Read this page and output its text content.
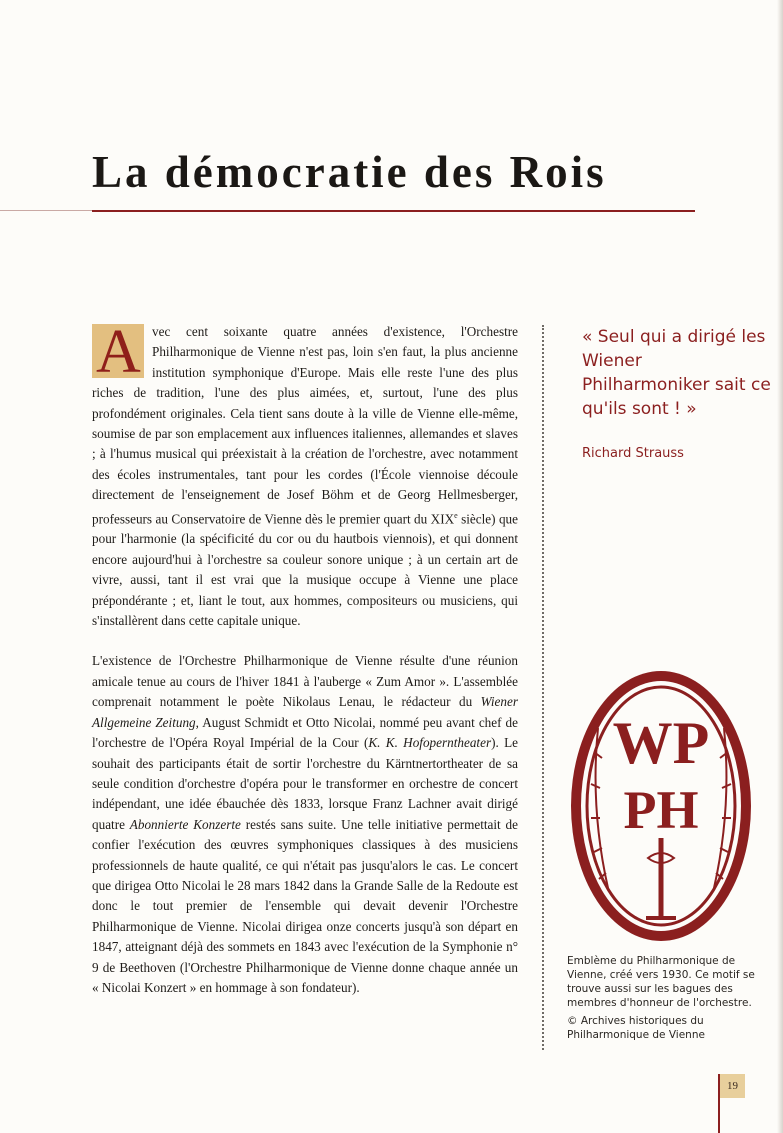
La démocratie des Rois

A vec cent soixante quatre années d'existence, l'Orchestre Philharmonique de Vienne n'est pas, loin s'en faut, la plus ancienne institution symphonique d'Europe. Mais elle reste l'une des plus riches de tradition, l'une des plus aimées, et, surtout, l'une des plus profondément originales. Cela tient sans doute à la ville de Vienne elle-même, soumise de par son emplacement aux influences italiennes, allemandes et slaves ; à l'humus musical qui préexistait à la création de l'orchestre, avec notamment des écoles instrumentales, tant pour les cordes (l'École viennoise découle directement de l'enseignement de Josef Böhm et de Georg Hellmesberger, professeurs au Conservatoire de Vienne dès le premier quart du XIXe siècle) que pour l'harmonie (la spécificité du cor ou du hautbois viennois), et qui donnent encore aujourd'hui à l'orchestre sa couleur sonore unique ; à un certain art de vivre, aussi, tant il est vrai que la musique occupe à Vienne une place prépondérante ; et, liant le tout, aux hommes, compositeurs ou musiciens, qui s'installèrent dans cette capitale unique.

L'existence de l'Orchestre Philharmonique de Vienne résulte d'une réunion amicale tenue au cours de l'hiver 1841 à l'auberge « Zum Amor ». L'assemblée comprenait notamment le poète Nikolaus Lenau, le rédacteur du Wiener Allgemeine Zeitung, August Schmidt et Otto Nicolai, nommé peu avant chef de l'orchestre de l'Opéra Royal Impérial de la Cour (K. K. Hofoperntheater). Le souhait des participants était de sortir l'orchestre du Kärntnertortheater de sa seule condition d'orchestre d'opéra pour le transformer en orchestre de concert indépendant, une idée ébauchée dès 1833, lorsque Franz Lachner avait dirigé quatre Abonnierte Konzerte restés sans suite. Une telle initiative permettait de confier l'exécution des œuvres symphoniques classiques à des musiciens professionnels de haute qualité, ce qui n'était pas jusqu'alors le cas. Le concert que dirigea Otto Nicolai le 28 mars 1842 dans la Grande Salle de la Redoute est donc le tout premier de l'ensemble qui devait devenir l'Orchestre Philharmonique de Vienne. Nicolai dirigea onze concerts jusqu'à son départ en 1847, atteignant déjà des sommets en 1843 avec l'exécution de la Symphonie n° 9 de Beethoven (l'Orchestre Philharmonique de Vienne donne chaque année un « Nicolai Konzert » en hommage à son fondateur).

« Seul qui a dirigé les Wiener Philharmoniker sait ce qu'ils sont ! »
Richard Strauss
WP
PH

Emblème du Philharmonique de Vienne, créé vers 1930. Ce motif se trouve aussi sur les bagues des membres d'honneur de l'orchestre.

© Archives historiques du Philharmonique de Vienne

19
